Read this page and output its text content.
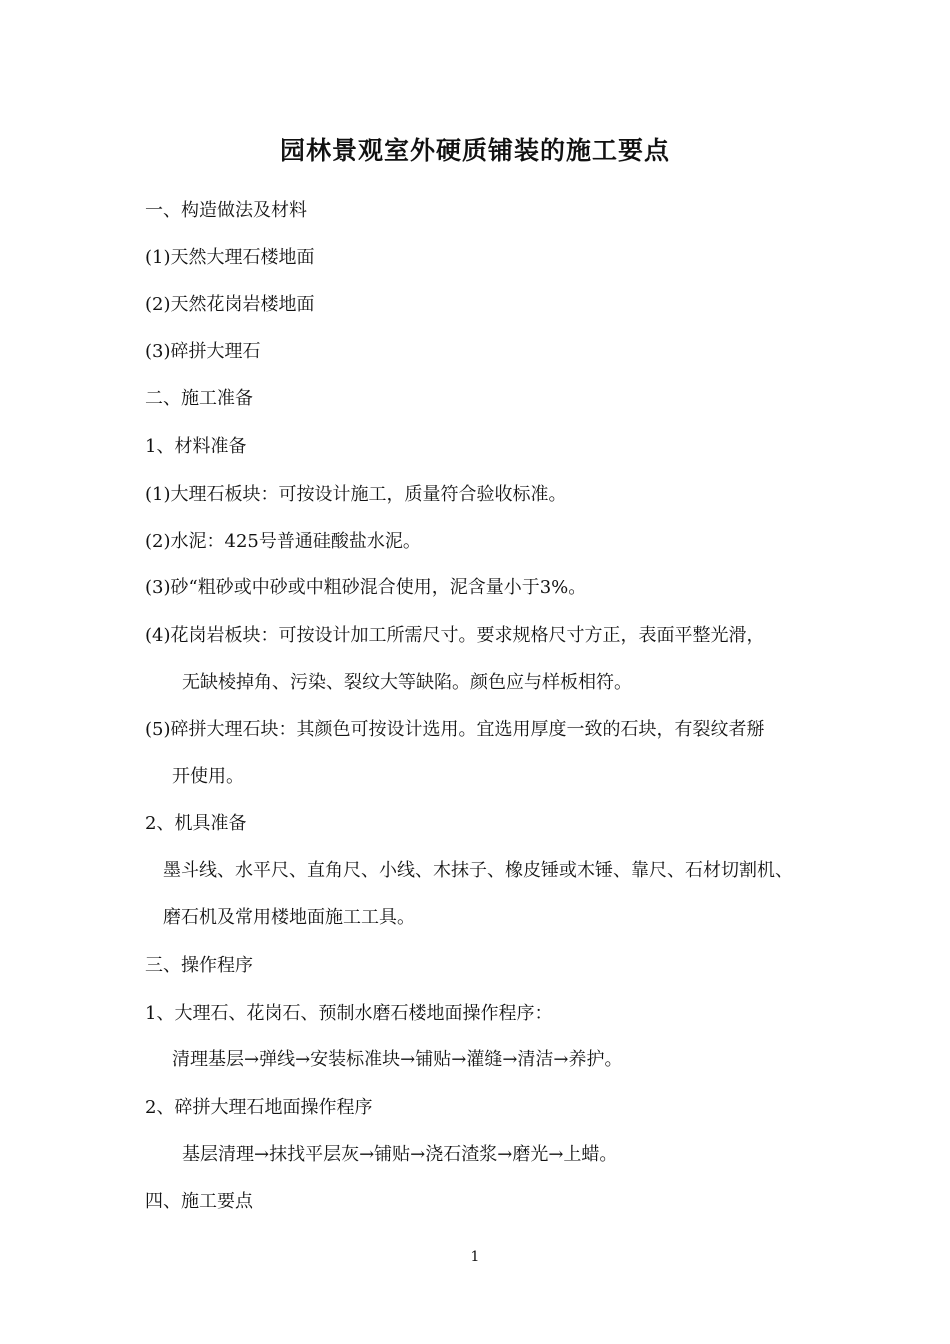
园林景观室外硬质铺装的施工要点
一、构造做法及材料
(1)天然大理石楼地面
(2)天然花岗岩楼地面
(3)碎拼大理石
二、施工准备
1、材料准备
(1)大理石板块：可按设计施工，质量符合验收标准。
(2)水泥：425号普通硅酸盐水泥。
(3)砂“粗砂或中砂或中粗砂混合使用，泥含量小于3%。
(4)花岗岩板块：可按设计加工所需尺寸。要求规格尺寸方正，表面平整光滑，
无缺棱掉角、污染、裂纹大等缺陷。颜色应与样板相符。
(5)碎拼大理石块：其颜色可按设计选用。宜选用厚度一致的石块，有裂纹者掰
开使用。
2、机具准备
墨斗线、水平尺、直角尺、小线、木抹子、橡皮锤或木锤、靠尺、石材切割机、
磨石机及常用楼地面施工工具。
三、操作程序
1、大理石、花岗石、预制水磨石楼地面操作程序：
清理基层→弹线→安装标准块→铺贴→灌缝→清洁→养护。
2、碎拼大理石地面操作程序
基层清理→抹找平层灰→铺贴→浇石渣浆→磨光→上蜡。
四、施工要点
1
